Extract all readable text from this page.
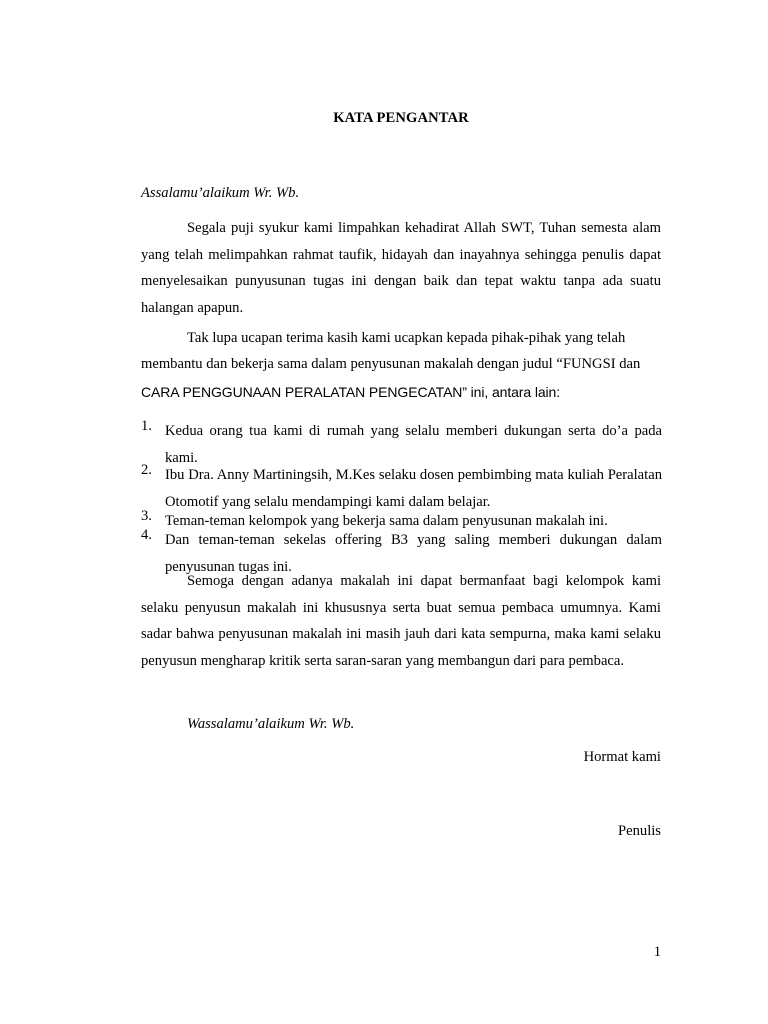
KATA PENGANTAR
Assalamu’alaikum Wr. Wb.

Segala puji syukur kami limpahkan kehadirat Allah SWT, Tuhan semesta alam yang telah melimpahkan rahmat taufik, hidayah dan inayahnya sehingga penulis dapat menyelesaikan punyusunan tugas ini dengan baik dan tepat waktu tanpa ada suatu halangan apapun.

Tak lupa ucapan terima kasih kami ucapkan kepada pihak-pihak yang telah
membantu dan bekerja sama dalam penyusunan makalah dengan judul “FUNGSI dan
CARA PENGGUNAAN PERALATAN PENGECATAN” ini, antara lain:
1. Kedua orang tua kami di rumah yang selalu memberi dukungan serta do’a pada kami.
2. Ibu Dra. Anny Martiningsih, M.Kes selaku dosen pembimbing mata kuliah Peralatan Otomotif yang selalu mendampingi kami dalam belajar.
3. Teman-teman kelompok yang bekerja sama dalam penyusunan makalah ini.
4. Dan teman-teman sekelas offering B3 yang saling memberi dukungan dalam penyusunan tugas ini.

Semoga dengan adanya makalah ini dapat bermanfaat bagi kelompok kami selaku penyusun makalah ini khususnya serta buat semua pembaca umumnya. Kami sadar bahwa penyusunan makalah ini masih jauh dari kata sempurna, maka kami selaku penyusun mengharap kritik serta saran-saran yang membangun dari para pembaca.

Wassalamu’alaikum Wr. Wb.
Hormat kami
Penulis
1
